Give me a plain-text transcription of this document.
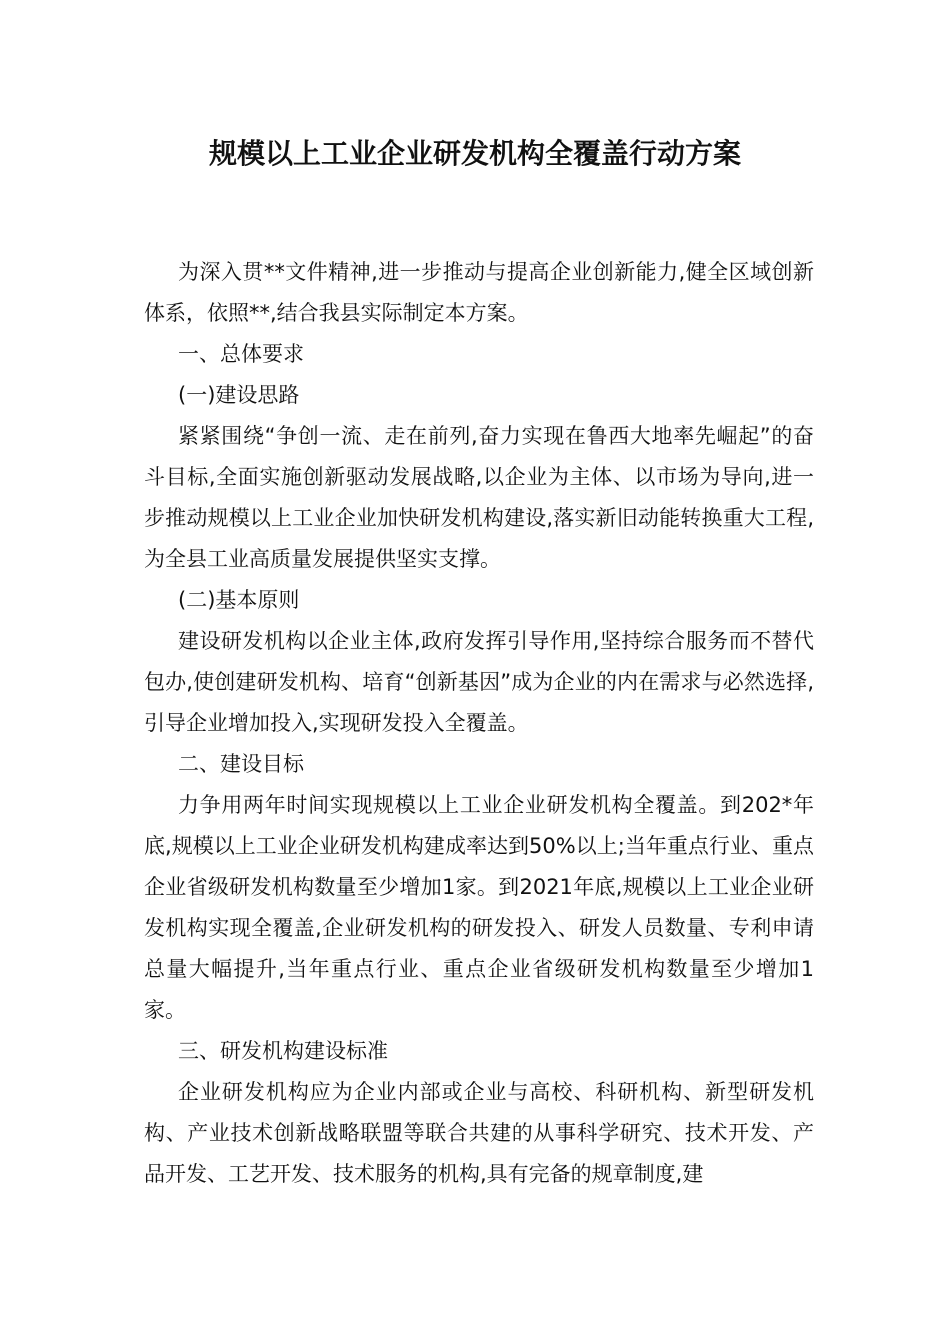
规模以上工业企业研发机构全覆盖行动方案

为深入贯**文件精神,进一步推动与提高企业创新能力,健全区域创新体系，依照**,结合我县实际制定本方案。

一、总体要求

(一)建设思路

紧紧围绕“争创一流、走在前列,奋力实现在鲁西大地率先崛起”的奋斗目标,全面实施创新驱动发展战略,以企业为主体、以市场为导向,进一步推动规模以上工业企业加快研发机构建设,落实新旧动能转换重大工程,为全县工业高质量发展提供坚实支撑。

(二)基本原则

建设研发机构以企业主体,政府发挥引导作用,坚持综合服务而不替代包办,使创建研发机构、培育“创新基因”成为企业的内在需求与必然选择,引导企业增加投入,实现研发投入全覆盖。

二、建设目标

力争用两年时间实现规模以上工业企业研发机构全覆盖。到202*年底,规模以上工业企业研发机构建成率达到50%以上;当年重点行业、重点企业省级研发机构数量至少增加1家。到2021年底,规模以上工业企业研发机构实现全覆盖,企业研发机构的研发投入、研发人员数量、专利申请总量大幅提升,当年重点行业、重点企业省级研发机构数量至少增加1家。

三、研发机构建设标准

企业研发机构应为企业内部或企业与高校、科研机构、新型研发机构、产业技术创新战略联盟等联合共建的从事科学研究、技术开发、产品开发、工艺开发、技术服务的机构,具有完备的规章制度,建
